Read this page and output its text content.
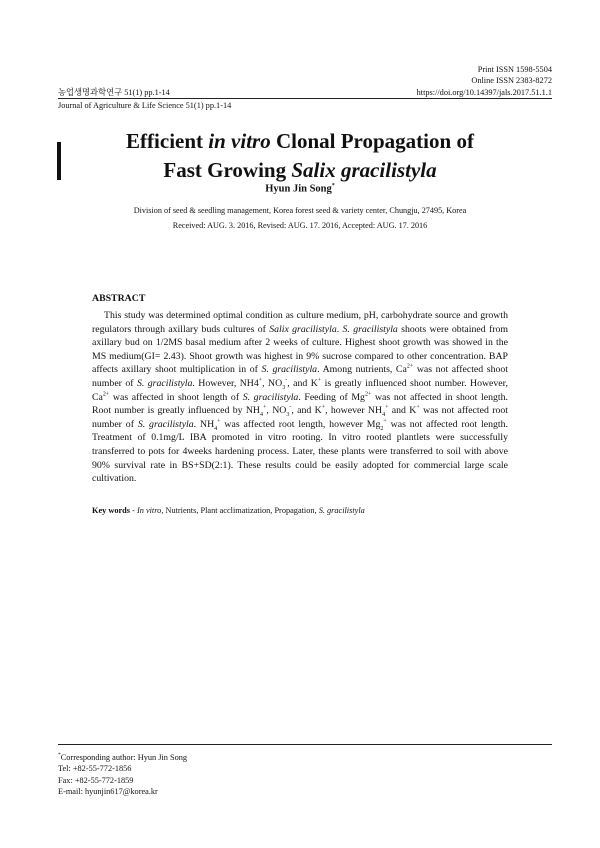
Print ISSN 1598-5504
Online ISSN 2383-8272
농업생명과학연구 51(1) pp.1-14	https://doi.org/10.14397/jals.2017.51.1.1
Journal of Agriculture & Life Science 51(1) pp.1-14
Efficient in vitro Clonal Propagation of
Fast Growing Salix gracilistyla
Hyun Jin Song*
Division of seed & seedling management, Korea forest seed & variety center, Chungju, 27495, Korea
Received: AUG. 3. 2016, Revised: AUG. 17. 2016, Accepted: AUG. 17. 2016
ABSTRACT
This study was determined optimal condition as culture medium, pH, carbohydrate source and growth regulators through axillary buds cultures of Salix gracilistyla. S. gracilistyla shoots were obtained from axillary bud on 1/2MS basal medium after 2 weeks of culture. Highest shoot growth was showed in the MS medium(GI= 2.43). Shoot growth was highest in 9% sucrose compared to other concentration. BAP affects axillary shoot multiplication in of S. gracilistyla. Among nutrients, $Ca^{2+}$ was not affected shoot number of S. gracilistyla. However, NH4+, $NO_3^-$, and K+ is greatly influenced shoot number. However, $Ca^{2+}$ was affected in shoot length of S. gracilistyla. Feeding of $Mg^{2+}$ was not affected in shoot length. Root number is greatly influenced by $NH_4^+$, $NO_3^-$, and K+, however $NH_4^+$ and K+ was not affected root number of S. gracilistyla. $NH_4^+$ was affected root length, however $Mg_2^+$ was not affected root length. Treatment of 0.1mg/L IBA promoted in vitro rooting. In vitro rooted plantlets were successfully transferred to pots for 4weeks hardening process. Later, these plants were transferred to soil with above 90% survival rate in BS+SD(2:1). These results could be easily adopted for commercial large scale cultivation.
Key words - In vitro, Nutrients, Plant acclimatization, Propagation, S. gracilistyla
*Corresponding author: Hyun Jin Song
Tel: +82-55-772-1856
Fax: +82-55-772-1859
E-mail: hyunjin617@korea.kr
